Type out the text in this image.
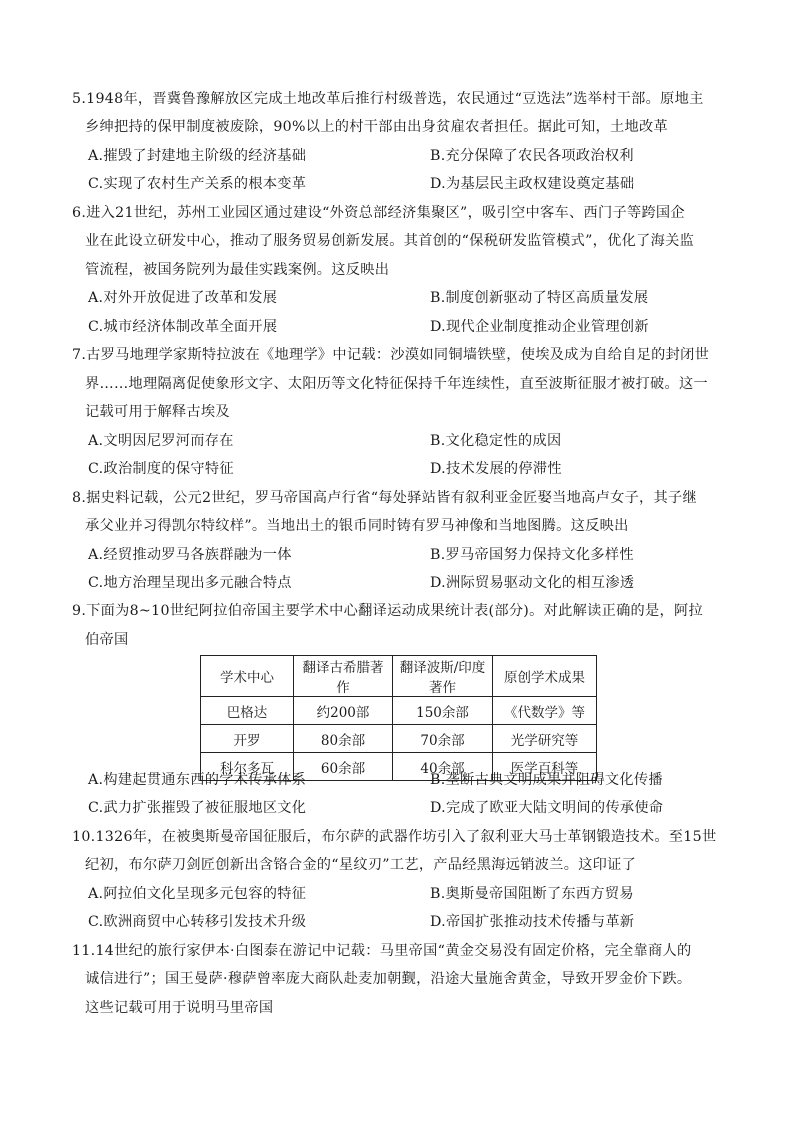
5.1948年，晋冀鲁豫解放区完成土地改革后推行村级普选，农民通过“豆选法”选举村干部。原地主
乡绅把持的保甲制度被废除，90%以上的村干部由出身贫雇农者担任。据此可知，土地改革
A.摧毁了封建地主阶级的经济基础	B.充分保障了农民各项政治权利
C.实现了农村生产关系的根本变革	D.为基层民主政权建设奠定基础
6.进入21世纪，苏州工业园区通过建设“外资总部经济集聚区”，吸引空中客车、西门子等跨国企
业在此设立研发中心，推动了服务贸易创新发展。其首创的“保税研发监管模式”，优化了海关监
管流程，被国务院列为最佳实践案例。这反映出
A.对外开放促进了改革和发展	B.制度创新驱动了特区高质量发展
C.城市经济体制改革全面开展	D.现代企业制度推动企业管理创新
7.古罗马地理学家斯特拉波在《地理学》中记载：沙漠如同铜墙铁壁，使埃及成为自给自足的封闭世
界……地理隔离促使象形文字、太阳历等文化特征保持千年连续性，直至波斯征服才被打破。这一
记载可用于解释古埃及
A.文明因尼罗河而存在	B.文化稳定性的成因
C.政治制度的保守特征	D.技术发展的停滞性
8.据史料记载，公元2世纪，罗马帝国高卢行省“每处驿站皆有叙利亚金匠娶当地高卢女子，其子继
承父业并习得凯尔特纹样”。当地出土的银币同时铸有罗马神像和当地图腾。这反映出
A.经贸推动罗马各族群融为一体	B.罗马帝国努力保持文化多样性
C.地方治理呈现出多元融合特点	D.洲际贸易驱动文化的相互渗透
9.下面为8~10世纪阿拉伯帝国主要学术中心翻译运动成果统计表(部分)。对此解读正确的是，阿拉
伯帝国
学术中心	翻译古希腊著作	翻译波斯/印度著作	原创学术成果
巴格达	约200部	150余部	《代数学》等
开罗	80余部	70余部	光学研究等
科尔多瓦	60余部	40余部	医学百科等
A.构建起贯通东西的学术传承体系	B.垄断古典文明成果并阻碍文化传播
C.武力扩张摧毁了被征服地区文化	D.完成了欧亚大陆文明间的传承使命
10.1326年，在被奥斯曼帝国征服后，布尔萨的武器作坊引入了叙利亚大马士革钢锻造技术。至15世
纪初，布尔萨刀剑匠创新出含铬合金的“星纹刃”工艺，产品经黑海远销波兰。这印证了
A.阿拉伯文化呈现多元包容的特征	B.奥斯曼帝国阻断了东西方贸易
C.欧洲商贸中心转移引发技术升级	D.帝国扩张推动技术传播与革新
11.14世纪的旅行家伊本·白图泰在游记中记载：马里帝国“黄金交易没有固定价格，完全靠商人的
诚信进行”；国王曼萨·穆萨曾率庞大商队赴麦加朝觐，沿途大量施舍黄金，导致开罗金价下跌。
这些记载可用于说明马里帝国
